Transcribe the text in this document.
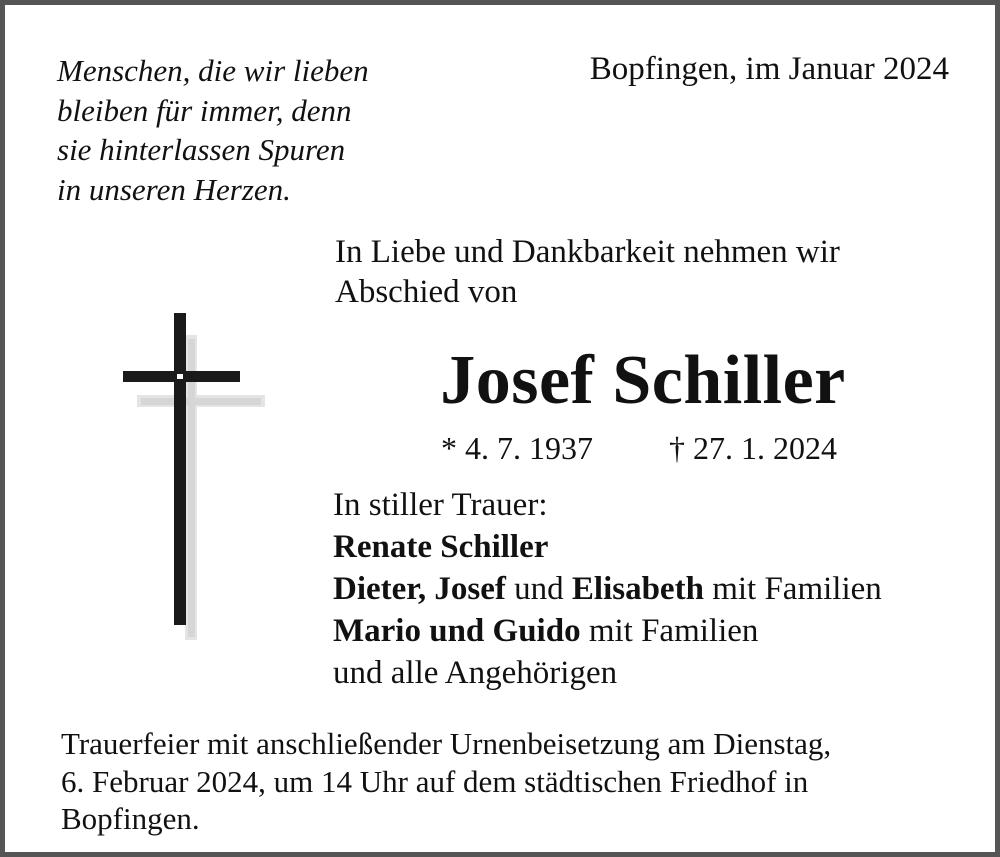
Menschen, die wir lieben
bleiben für immer, denn
sie hinterlassen Spuren
in unseren Herzen.
Bopfingen, im Januar 2024
In Liebe und Dankbarkeit nehmen wir
Abschied von
Josef Schiller
* 4. 7. 1937 † 27. 1. 2024
In stiller Trauer:
Renate Schiller
Dieter, Josef und Elisabeth mit Familien
Mario und Guido mit Familien
und alle Angehörigen
Trauerfeier mit anschließender Urnenbeisetzung am Dienstag,
6. Februar 2024, um 14 Uhr auf dem städtischen Friedhof in
Bopfingen.
